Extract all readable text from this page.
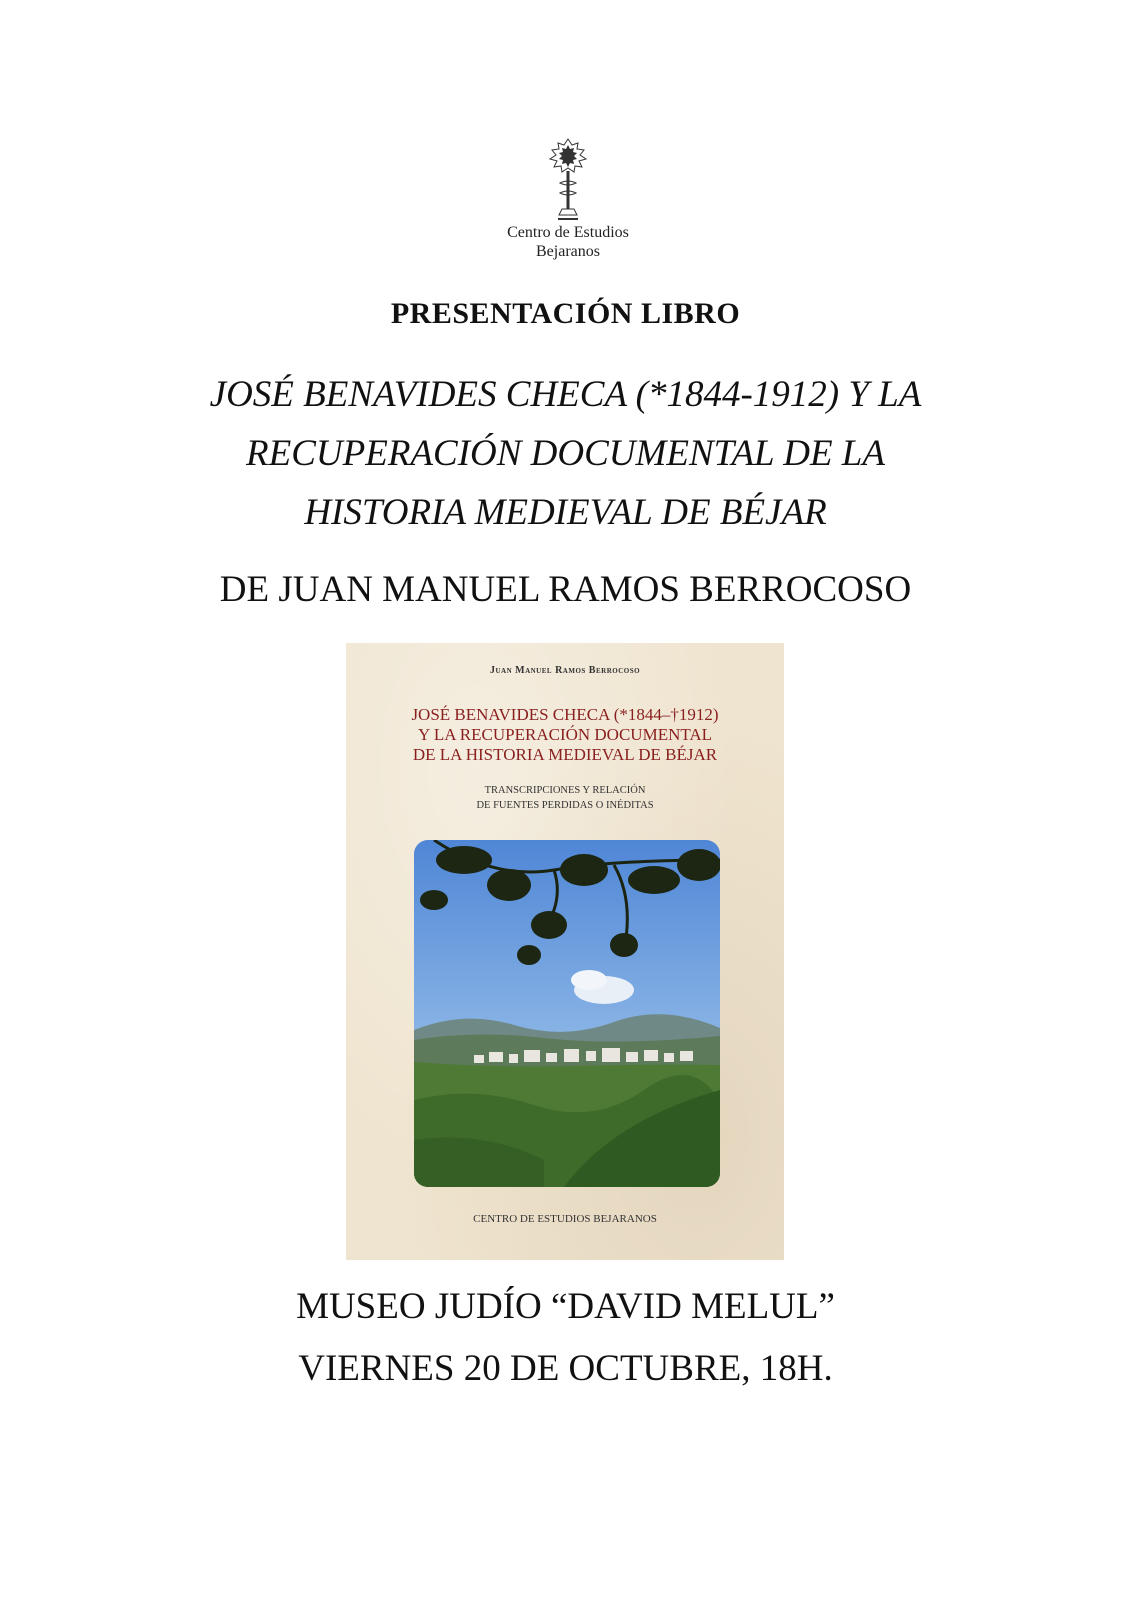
Centro de Estudios
Bejaranos
PRESENTACIÓN LIBRO
JOSÉ BENAVIDES CHECA (*1844-1912) Y LA
RECUPERACIÓN DOCUMENTAL DE LA
HISTORIA MEDIEVAL DE BÉJAR
DE JUAN MANUEL RAMOS BERROCOSO
Juan Manuel Ramos Berrocoso
JOSÉ BENAVIDES CHECA (*1844–†1912)
Y LA RECUPERACIÓN DOCUMENTAL
DE LA HISTORIA MEDIEVAL DE BÉJAR
TRANSCRIPCIONES Y RELACIÓN
DE FUENTES PERDIDAS O INÉDITAS
CENTRO DE ESTUDIOS BEJARANOS
MUSEO JUDÍO “DAVID MELUL”
VIERNES 20 DE OCTUBRE, 18H.
